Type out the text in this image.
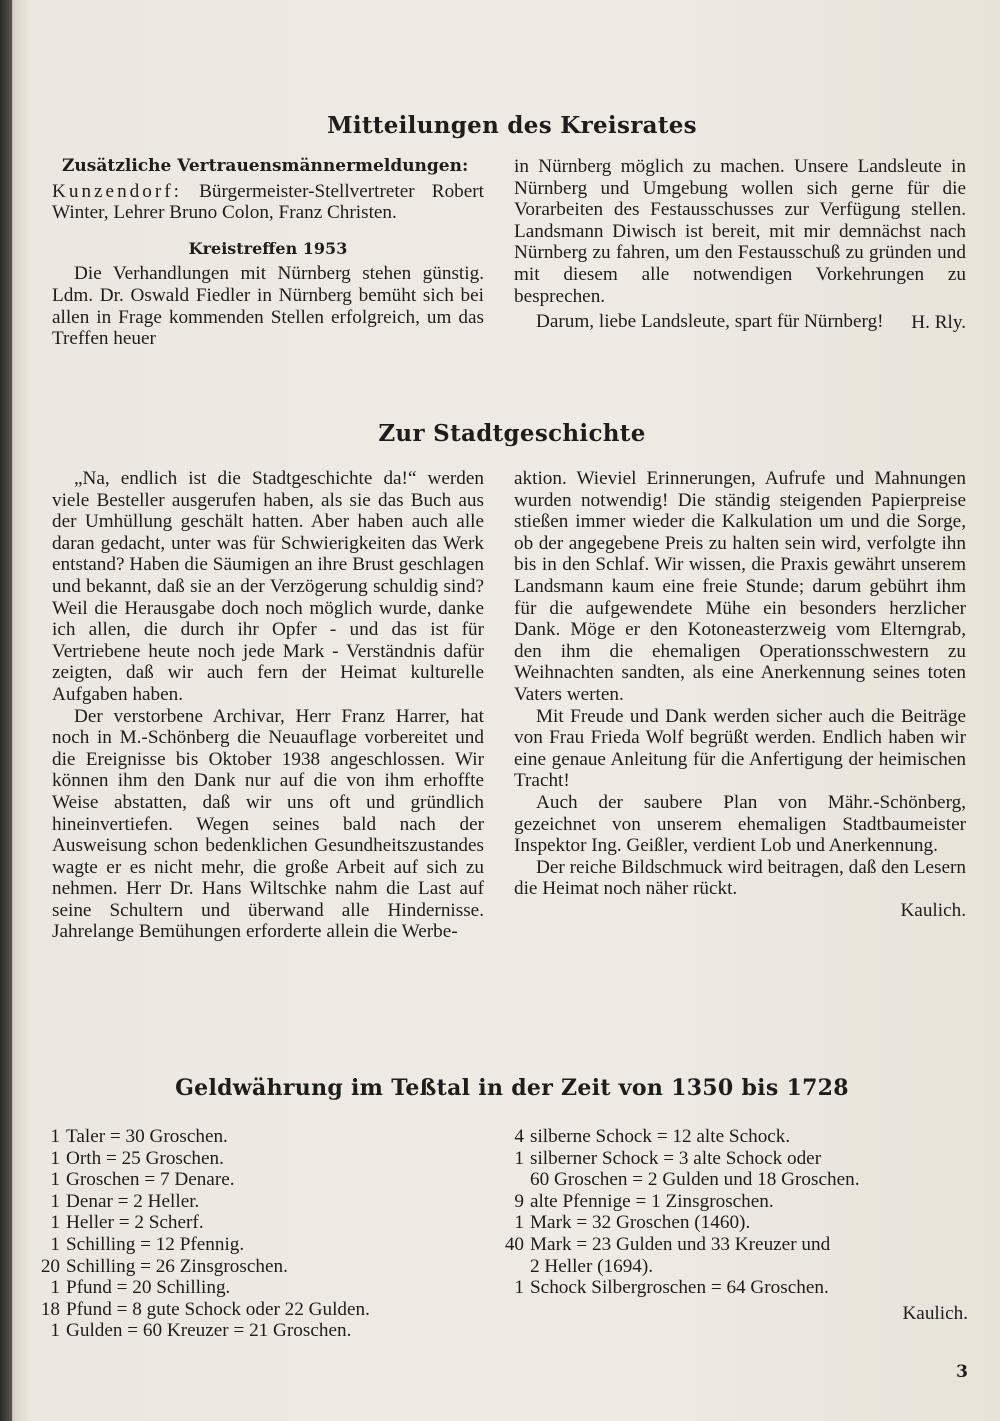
Mitteilungen des Kreisrates
Zusätzliche Vertrauensmännermeldungen:

Kunzendorf: Bürgermeister-Stellvertreter Robert Winter, Lehrer Bruno Colon, Franz Christen.

Kreistreffen 1953

Die Verhandlungen mit Nürnberg stehen günstig. Ldm. Dr. Oswald Fiedler in Nürnberg bemüht sich bei allen in Frage kommenden Stellen erfolgreich, um das Treffen heuer

in Nürnberg möglich zu machen. Unsere Landsleute in Nürnberg und Umgebung wollen sich gerne für die Vorarbeiten des Festausschusses zur Verfügung stellen. Landsmann Diwisch ist bereit, mit mir demnächst nach Nürnberg zu fahren, um den Festausschuß zu gründen und mit diesem alle notwendigen Vorkehrungen zu besprechen.

Darum, liebe Landsleute, spart für Nürnberg!	H. Rly.

Zur Stadtgeschichte

„Na, endlich ist die Stadtgeschichte da!“ werden viele Besteller ausgerufen haben, als sie das Buch aus der Umhüllung geschält hatten. Aber haben auch alle daran gedacht, unter was für Schwierigkeiten das Werk entstand? Haben die Säumigen an ihre Brust geschlagen und bekannt, daß sie an der Verzögerung schuldig sind? Weil die Herausgabe doch noch möglich wurde, danke ich allen, die durch ihr Opfer - und das ist für Vertriebene heute noch jede Mark - Verständnis dafür zeigten, daß wir auch fern der Heimat kulturelle Aufgaben haben.

Der verstorbene Archivar, Herr Franz Harrer, hat noch in M.-Schönberg die Neuauflage vorbereitet und die Ereignisse bis Oktober 1938 angeschlossen. Wir können ihm den Dank nur auf die von ihm erhoffte Weise abstatten, daß wir uns oft und gründlich hineinvertiefen. Wegen seines bald nach der Ausweisung schon bedenklichen Gesundheitszustandes wagte er es nicht mehr, die große Arbeit auf sich zu nehmen. Herr Dr. Hans Wiltschke nahm die Last auf seine Schultern und überwand alle Hindernisse. Jahrelange Bemühungen erforderte allein die Werbe-

aktion. Wieviel Erinnerungen, Aufrufe und Mahnungen wurden notwendig! Die ständig steigenden Papierpreise stießen immer wieder die Kalkulation um und die Sorge, ob der angegebene Preis zu halten sein wird, verfolgte ihn bis in den Schlaf. Wir wissen, die Praxis gewährt unserem Landsmann kaum eine freie Stunde; darum gebührt ihm für die aufgewendete Mühe ein besonders herzlicher Dank. Möge er den Kotoneasterzweig vom Elterngrab, den ihm die ehemaligen Operationsschwestern zu Weihnachten sandten, als eine Anerkennung seines toten Vaters werten.

Mit Freude und Dank werden sicher auch die Beiträge von Frau Frieda Wolf begrüßt werden. Endlich haben wir eine genaue Anleitung für die Anfertigung der heimischen Tracht!

Auch der saubere Plan von Mähr.-Schönberg, gezeichnet von unserem ehemaligen Stadtbaumeister Inspektor Ing. Geißler, verdient Lob und Anerkennung.

Der reiche Bildschmuck wird beitragen, daß den Lesern die Heimat noch näher rückt.

Kaulich.

Geldwährung im Teßtal in der Zeit von 1350 bis 1728
1 Taler = 30 Groschen.
1 Orth = 25 Groschen.
1 Groschen = 7 Denare.
1 Denar = 2 Heller.
1 Heller = 2 Scherf.
1 Schilling = 12 Pfennig.
20 Schilling = 26 Zinsgroschen.
1 Pfund = 20 Schilling.
18 Pfund = 8 gute Schock oder 22 Gulden.
1 Gulden = 60 Kreuzer = 21 Groschen.
4 silberne Schock = 12 alte Schock.
1 silberner Schock = 3 alte Schock oder
60 Groschen = 2 Gulden und 18 Groschen.
9 alte Pfennige = 1 Zinsgroschen.
1 Mark = 32 Groschen (1460).
40 Mark = 23 Gulden und 33 Kreuzer und
2 Heller (1694).
1 Schock Silbergroschen = 64 Groschen.
Kaulich.
3
